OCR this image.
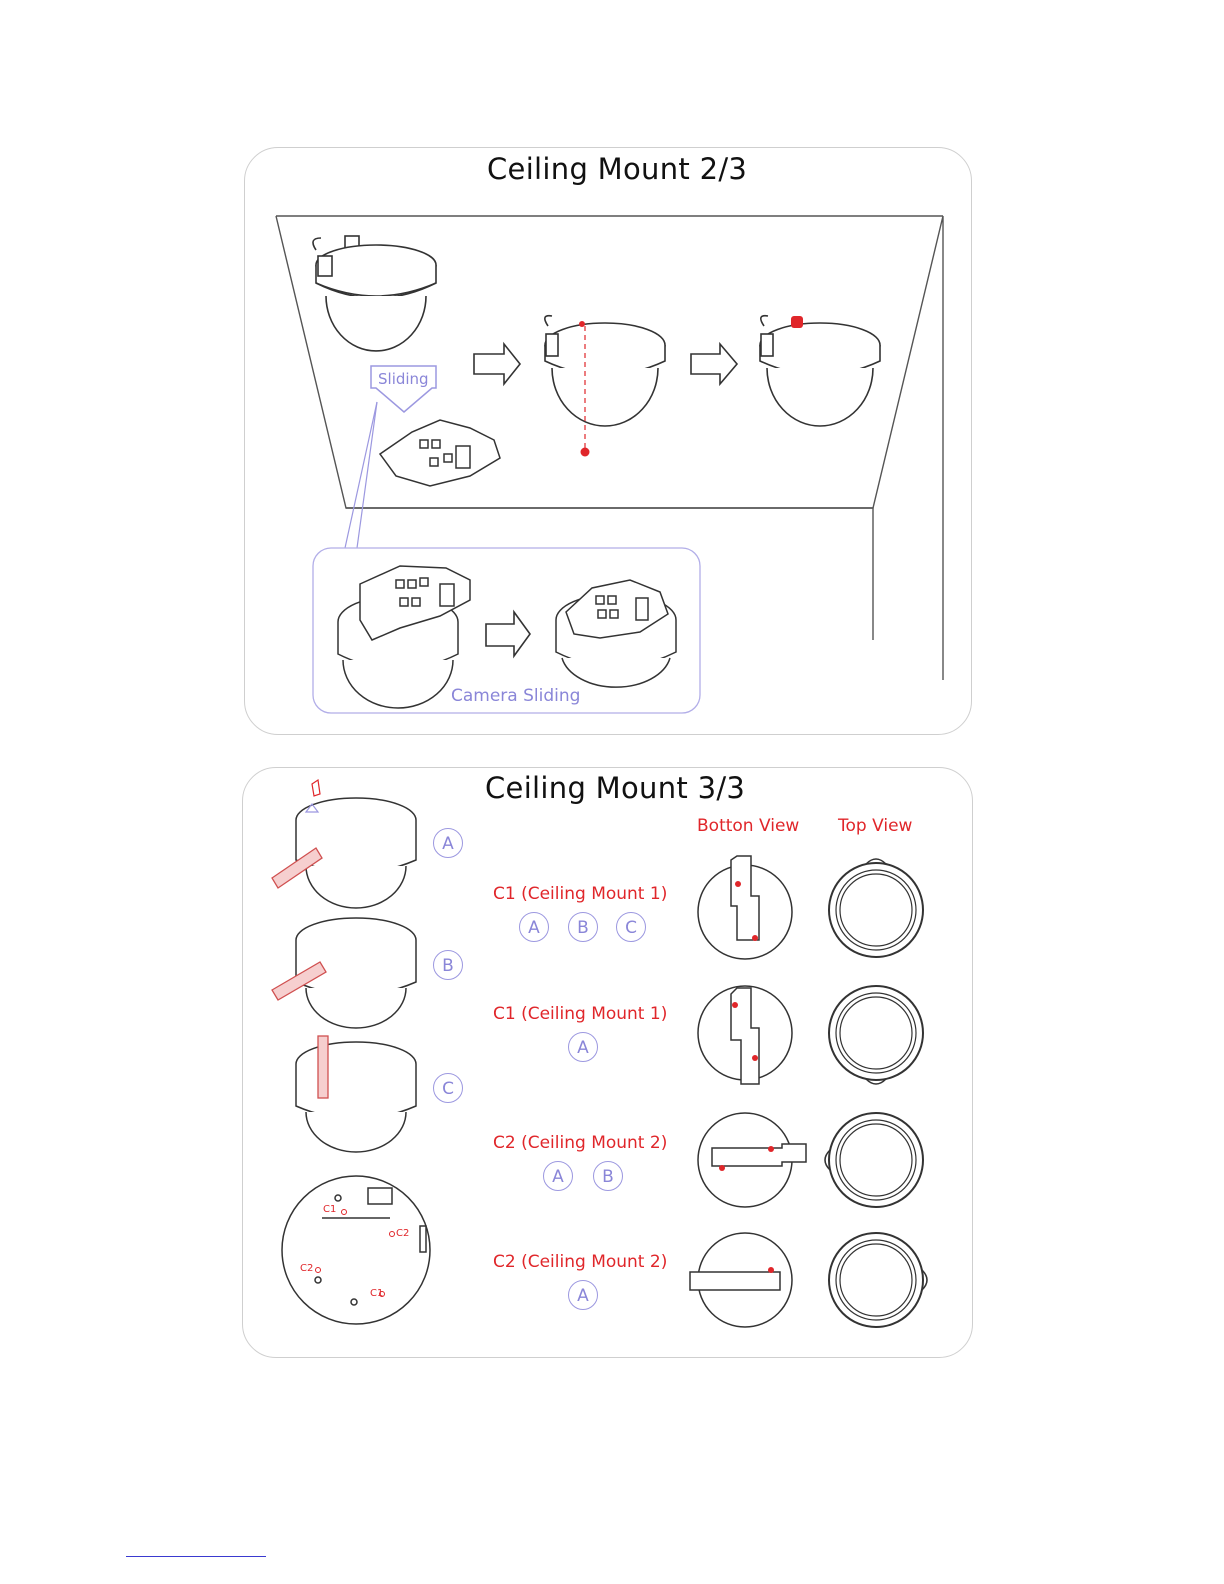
Ceiling Mount 2/3
Sliding
Camera Sliding
Ceiling Mount 3/3
Botton View Top View
C1
C2
C2
C1
A
B
C
C1 (Ceiling Mount 1)
A	B	C
C1 (Ceiling Mount 1)
A
C2 (Ceiling Mount 2)
A	B
C2 (Ceiling Mount 2)
A
